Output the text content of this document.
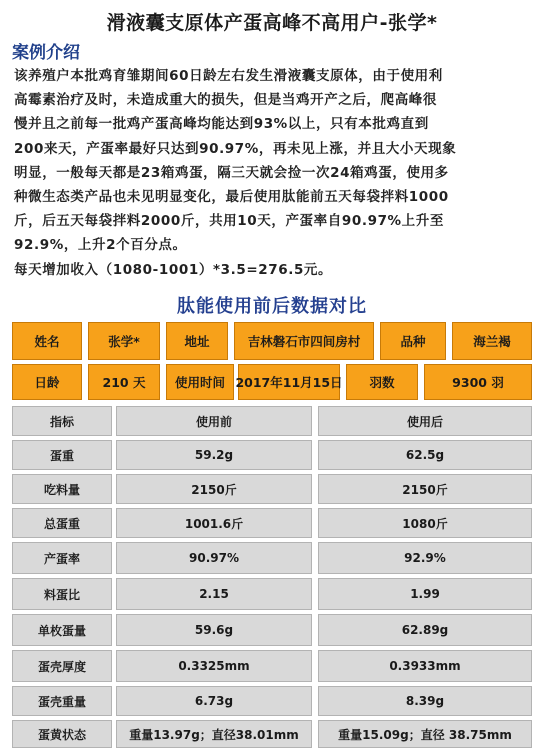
滑液囊支原体产蛋高峰不高用户-张学*
案例介绍

该养殖户本批鸡育雏期间60日龄左右发生滑液囊支原体，由于使用利

高霉素治疗及时，未造成重大的损失，但是当鸡开产之后，爬高峰很

慢并且之前每一批鸡产蛋高峰均能达到93%以上，只有本批鸡直到

200来天，产蛋率最好只达到90.97%，再未见上涨，并且大小天现象

明显，一般每天都是23箱鸡蛋，隔三天就会捡一次24箱鸡蛋，使用多

种微生态类产品也未见明显变化，最后使用肽能前五天每袋拌料1000

斤，后五天每袋拌料2000斤，共用10天，产蛋率自90.97%上升至

92.9%，上升2个百分点。

每天增加收入（1080-1001）*3.5=276.5元。

肽能使用前后数据对比
姓名	张学*	地址	吉林磐石市四间房村	品种	海兰褐
日龄	210 天	使用时间 2017年11月15日	羽数	9300 羽
指标	使用前	使用后
蛋重	59.2g	62.5g
吃料量	2150斤	2150斤
总蛋重	1001.6斤	1080斤
产蛋率	90.97%	92.9%
料蛋比	2.15	1.99
单枚蛋量	59.6g	62.89g
蛋壳厚度	0.3325mm	0.3933mm
蛋壳重量	6.73g	8.39g
蛋黄状态	重量13.97g；直径38.01mm	重量15.09g；直径 38.75mm
